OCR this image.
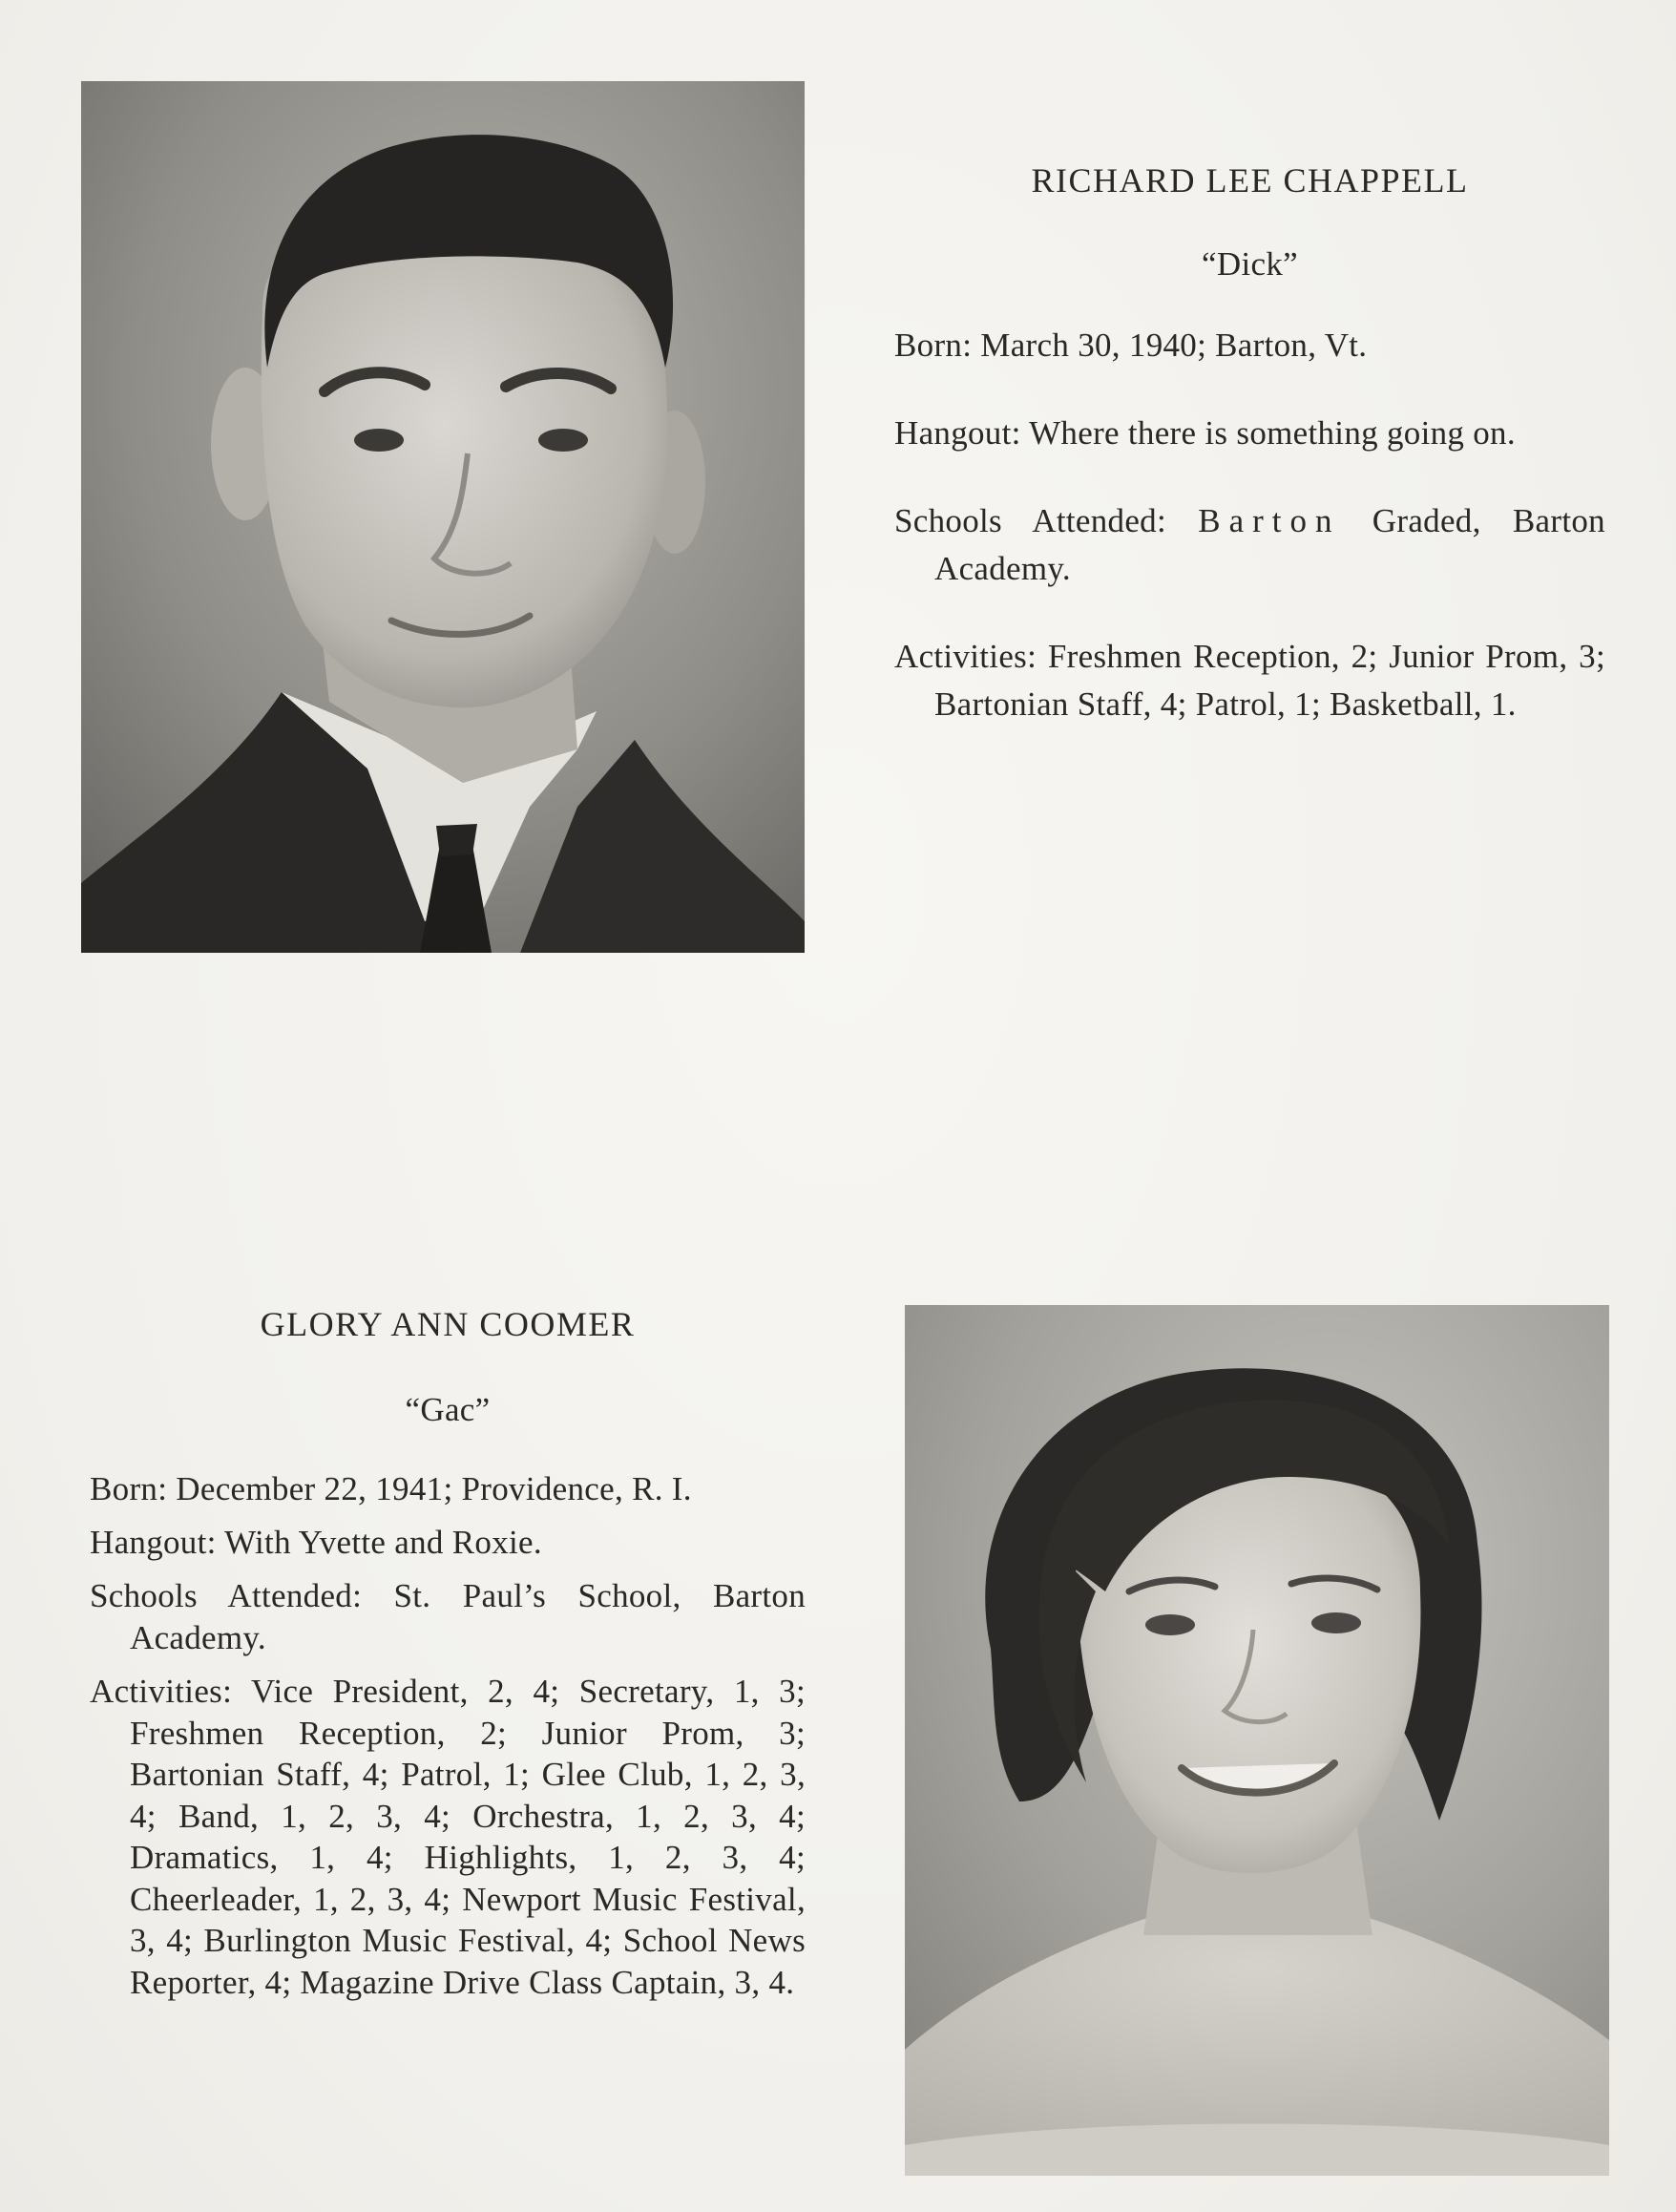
RICHARD LEE CHAPPELL

“Dick”

Born: March 30, 1940; Barton, Vt.

Hangout: Where there is something going on.

Schools Attended: Barton Graded, Barton Academy.

Activities: Freshmen Reception, 2; Junior Prom, 3; Bartonian Staff, 4; Patrol, 1; Basketball, 1.

GLORY ANN COOMER

“Gac”

Born: December 22, 1941; Providence, R. I.

Hangout: With Yvette and Roxie.

Schools Attended: St. Paul’s School, Barton Academy.

Activities: Vice President, 2, 4; Secretary, 1, 3; Freshmen Reception, 2; Junior Prom, 3; Bartonian Staff, 4; Patrol, 1; Glee Club, 1, 2, 3, 4; Band, 1, 2, 3, 4; Orchestra, 1, 2, 3, 4; Dramatics, 1, 4; Highlights, 1, 2, 3, 4; Cheerleader, 1, 2, 3, 4; Newport Music Festival, 3, 4; Burlington Music Festival, 4; School News Reporter, 4; Magazine Drive Class Captain, 3, 4.
